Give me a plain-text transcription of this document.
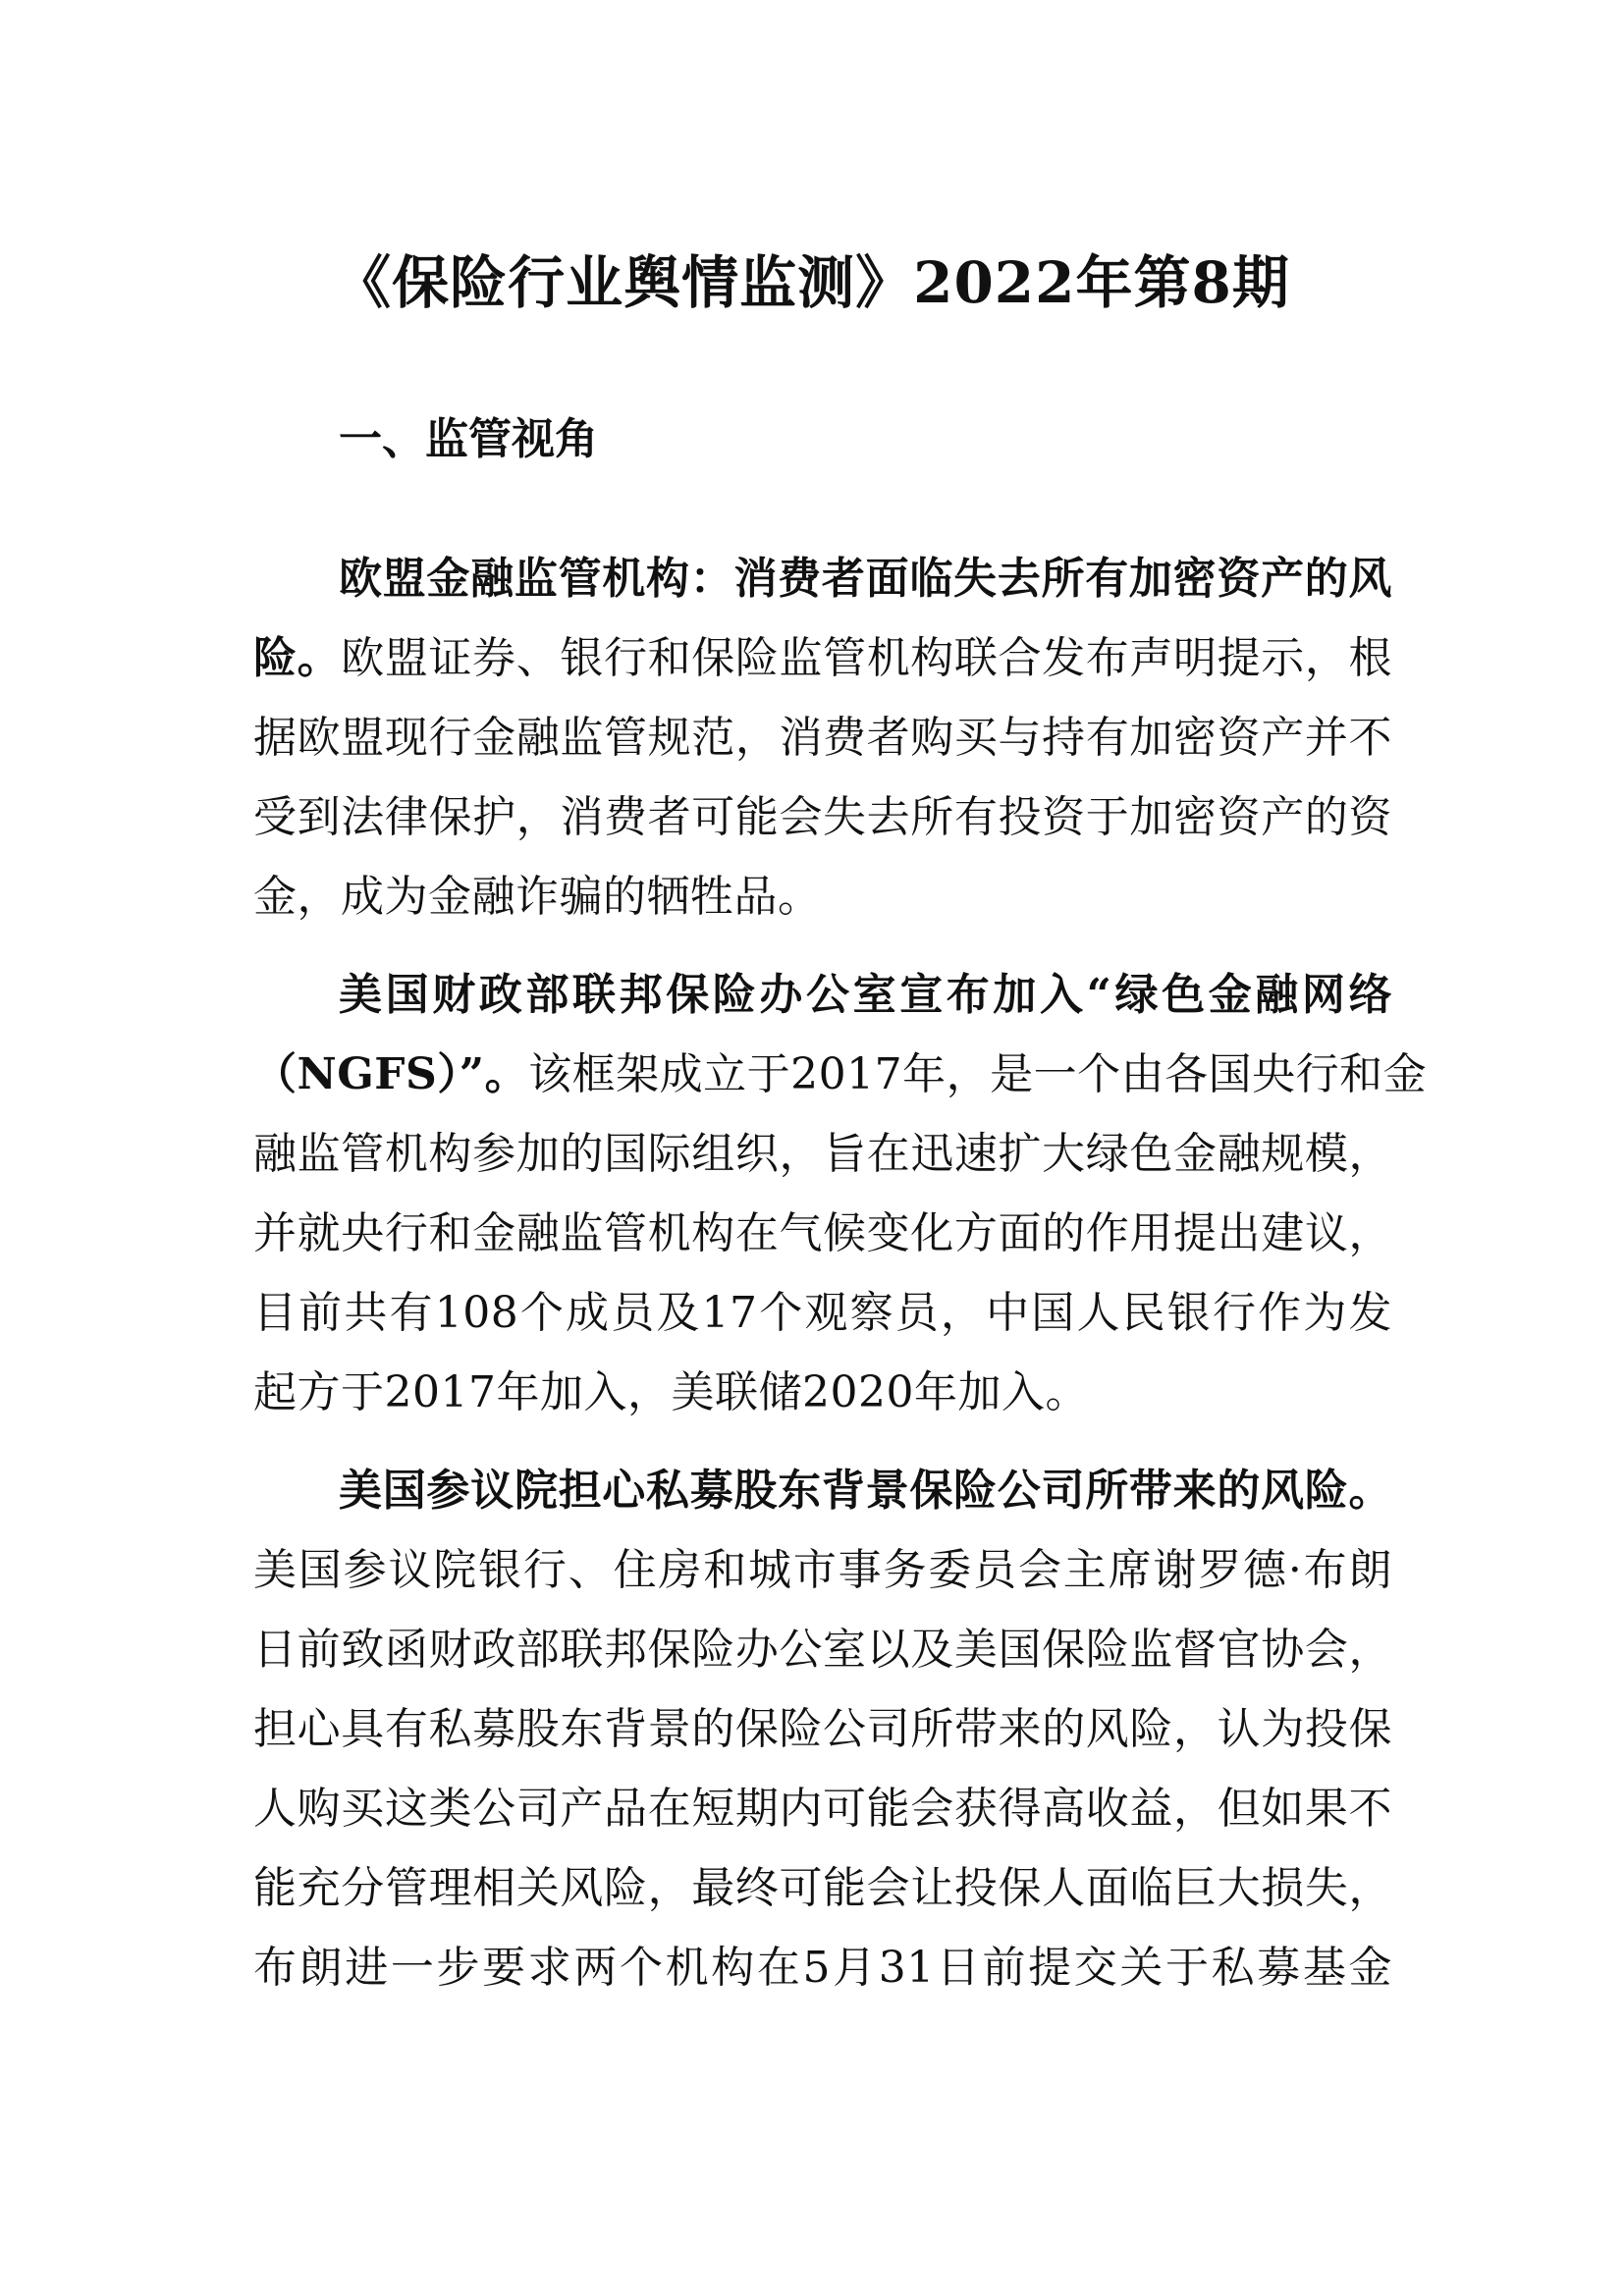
《保险行业舆情监测》2022年第8期
一、监管视角
欧盟金融监管机构：消费者面临失去所有加密资产的风
险。欧盟证券、银行和保险监管机构联合发布声明提示，根
据欧盟现行金融监管规范，消费者购买与持有加密资产并不
受到法律保护，消费者可能会失去所有投资于加密资产的资
金，成为金融诈骗的牺牲品。
美国财政部联邦保险办公室宣布加入“绿色金融网络
（NGFS）”。该框架成立于2017年，是一个由各国央行和金
融监管机构参加的国际组织，旨在迅速扩大绿色金融规模，
并就央行和金融监管机构在气候变化方面的作用提出建议，
目前共有108个成员及17个观察员，中国人民银行作为发
起方于2017年加入，美联储2020年加入。
美国参议院担心私募股东背景保险公司所带来的风险。
美国参议院银行、住房和城市事务委员会主席谢罗德·布朗
日前致函财政部联邦保险办公室以及美国保险监督官协会，
担心具有私募股东背景的保险公司所带来的风险，认为投保
人购买这类公司产品在短期内可能会获得高收益，但如果不
能充分管理相关风险，最终可能会让投保人面临巨大损失，
布朗进一步要求两个机构在5月31日前提交关于私募基金
